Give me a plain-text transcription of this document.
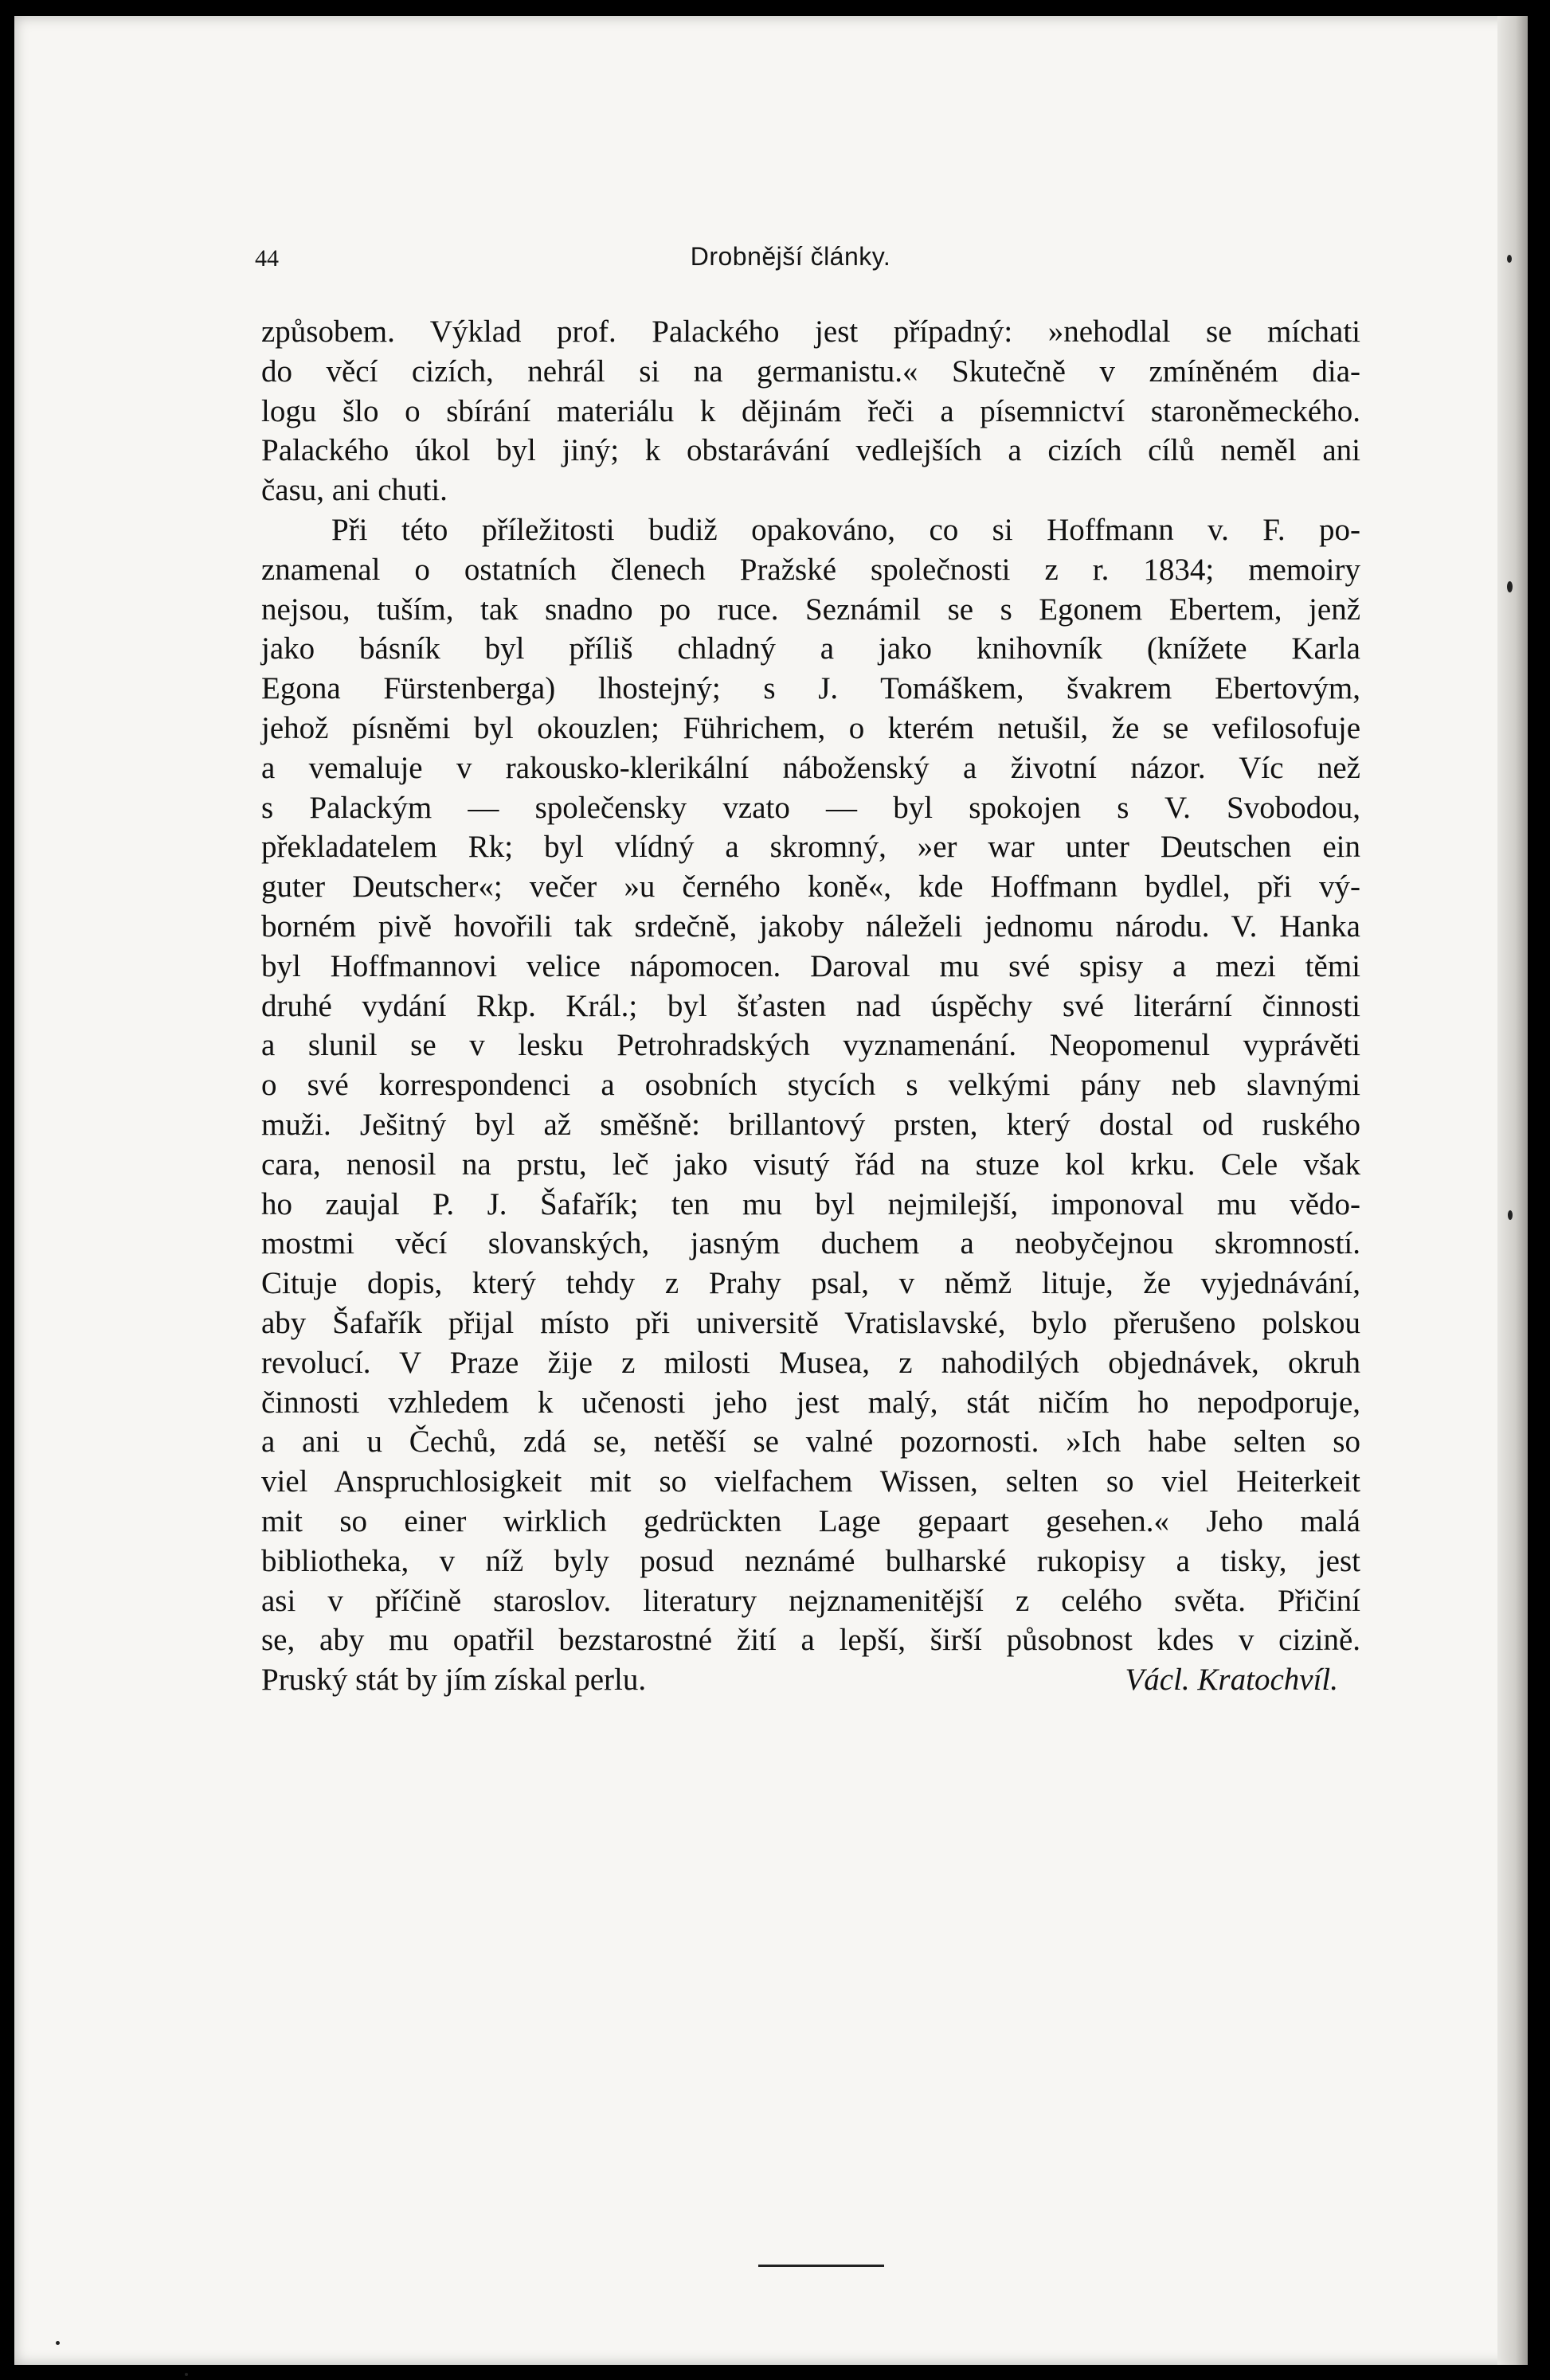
44	Drobnější články.
způsobem. Výklad prof. Palackého jest případný: »nehodlal se míchati
do věcí cizích, nehrál si na germanistu.« Skutečně v zmíněném dia-
logu šlo o sbírání materiálu k dějinám řeči a písemnictví staroněmeckého.
Palackého úkol byl jiný; k obstarávání vedlejších a cizích cílů neměl ani
času, ani chuti.
Při této příležitosti budiž opakováno, co si Hoffmann v. F. po-
znamenal o ostatních členech Pražské společnosti z r. 1834; memoiry
nejsou, tuším, tak snadno po ruce. Seznámil se s Egonem Ebertem, jenž
jako básník byl příliš chladný a jako knihovník (knížete Karla
Egona Fürstenberga) lhostejný; s J. Tomáškem, švakrem Ebertovým,
jehož písněmi byl okouzlen; Führichem, o kterém netušil, že se vefilosofuje
a vemaluje v rakousko-klerikální náboženský a životní názor. Víc než
s Palackým — společensky vzato — byl spokojen s V. Svobodou,
překladatelem Rk; byl vlídný a skromný, »er war unter Deutschen ein
guter Deutscher«; večer »u černého koně«, kde Hoffmann bydlel, při vý-
borném pivě hovořili tak srdečně, jakoby náleželi jednomu národu. V. Hanka
byl Hoffmannovi velice nápomocen. Daroval mu své spisy a mezi těmi
druhé vydání Rkp. Král.; byl šťasten nad úspěchy své literární činnosti
a slunil se v lesku Petrohradských vyznamenání. Neopomenul vyprávěti
o své korrespondenci a osobních stycích s velkými pány neb slavnými
muži. Ješitný byl až směšně: brillantový prsten, který dostal od ruského
cara, nenosil na prstu, leč jako visutý řád na stuze kol krku. Cele však
ho zaujal P. J. Šafařík; ten mu byl nejmilejší, imponoval mu vědo-
mostmi věcí slovanských, jasným duchem a neobyčejnou skromností.
Cituje dopis, který tehdy z Prahy psal, v němž lituje, že vyjednávání,
aby Šafařík přijal místo při universitě Vratislavské, bylo přerušeno polskou
revolucí. V Praze žije z milosti Musea, z nahodilých objednávek, okruh
činnosti vzhledem k učenosti jeho jest malý, stát ničím ho nepodporuje,
a ani u Čechů, zdá se, netěší se valné pozornosti. »Ich habe selten so
viel Anspruchlosigkeit mit so vielfachem Wissen, selten so viel Heiterkeit
mit so einer wirklich gedrückten Lage gepaart gesehen.« Jeho malá
bibliotheka, v níž byly posud neznámé bulharské rukopisy a tisky, jest
asi v příčině staroslov. literatury nejznamenitější z celého světa. Přičiní
se, aby mu opatřil bezstarostné žití a lepší, širší působnost kdes v cizině.
Pruský stát by jím získal perlu.	Václ. Kratochvíl.
